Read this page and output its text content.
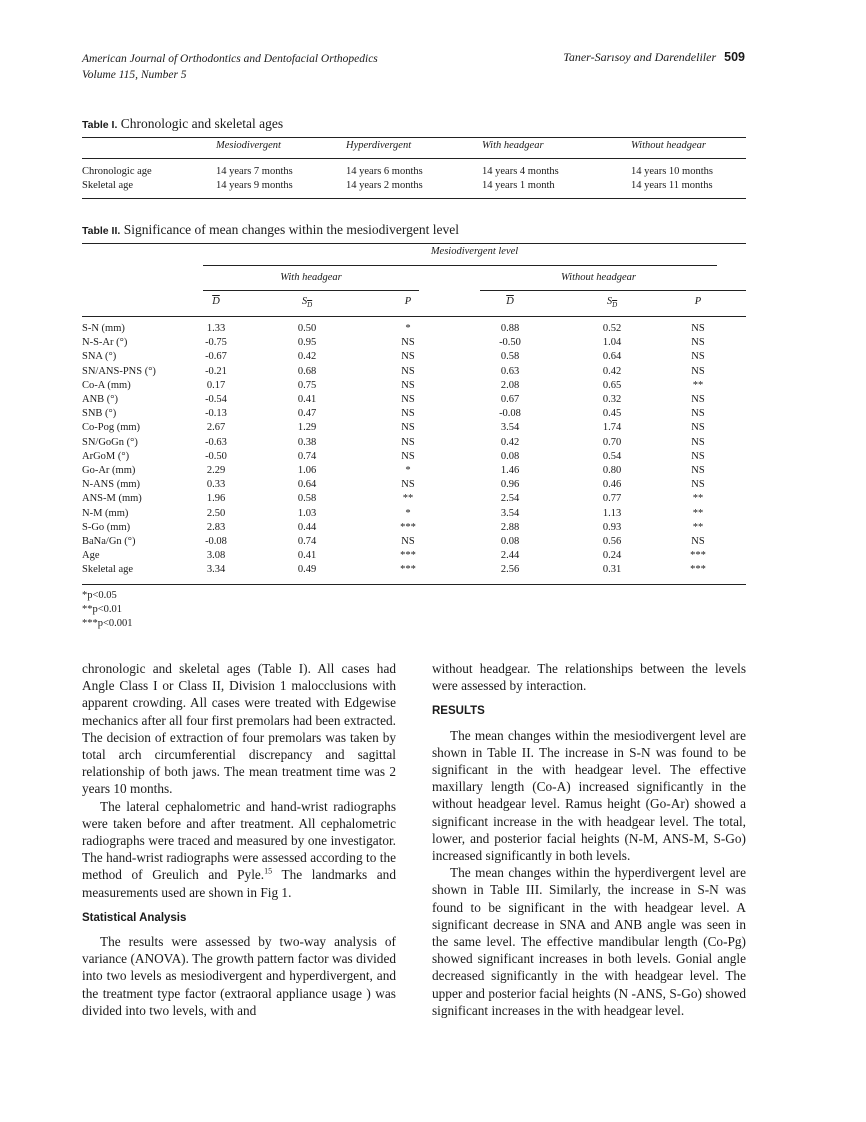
American Journal of Orthodontics and Dentofacial Orthopedics
Volume 115, Number 5
Taner-Sarısoy and Darendeliler 509
Table I. Chronologic and skeletal ages
Mesiodivergent	Hyperdivergent	With headgear	Without headgear
Chronologic age	14 years 7 months	14 years 6 months	14 years 4 months	14 years 10 months
Skeletal age	14 years 9 months	14 years 2 months	14 years 1 month	14 years 11 months
Table II. Significance of mean changes within the mesiodivergent level
Mesiodivergent level
With headgear	Without headgear
$\overline{D}$	$S_{\overline{D}}$	P	$\overline{D}$	$S_{\overline{D}}$	P
S-N (mm)	1.33	0.50	*	0.88	0.52	NS
N-S-Ar (°)	-0.75	0.95	NS	-0.50	1.04	NS
SNA (°)	-0.67	0.42	NS	0.58	0.64	NS
SN/ANS-PNS (°)	-0.21	0.68	NS	0.63	0.42	NS
Co-A (mm)	0.17	0.75	NS	2.08	0.65	**
ANB (°)	-0.54	0.41	NS	0.67	0.32	NS
SNB (°)	-0.13	0.47	NS	-0.08	0.45	NS
Co-Pog (mm)	2.67	1.29	NS	3.54	1.74	NS
SN/GoGn (°)	-0.63	0.38	NS	0.42	0.70	NS
ArGoM (°)	-0.50	0.74	NS	0.08	0.54	NS
Go-Ar (mm)	2.29	1.06	*	1.46	0.80	NS
N-ANS (mm)	0.33	0.64	NS	0.96	0.46	NS
ANS-M (mm)	1.96	0.58	**	2.54	0.77	**
N-M (mm)	2.50	1.03	*	3.54	1.13	**
S-Go (mm)	2.83	0.44	***	2.88	0.93	**
BaNa/Gn (°)	-0.08	0.74	NS	0.08	0.56	NS
Age	3.08	0.41	***	2.44	0.24	***
Skeletal age	3.34	0.49	***	2.56	0.31	***
*p<0.05
**p<0.01
***p<0.001

chronologic and skeletal ages (Table I). All cases had Angle Class I or Class II, Division 1 malocclusions with apparent crowding. All cases were treated with Edgewise mechanics after all four first premolars had been extracted. The decision of extraction of four premolars was taken by total arch circumferential discrepancy and sagittal relationship of both jaws. The mean treatment time was 2 years 10 months.

The lateral cephalometric and hand-wrist radiographs were taken before and after treatment. All cephalometric radiographs were traced and measured by one investigator. The hand-wrist radiographs were assessed according to the method of Greulich and Pyle.$^{15}$ The landmarks and measurements used are shown in Fig 1.

Statistical Analysis

The results were assessed by two-way analysis of variance (ANOVA). The growth pattern factor was divided into two levels as mesiodivergent and hyperdivergent, and the treatment type factor (extraoral appliance usage ) was divided into two levels, with and

without headgear. The relationships between the levels were assessed by interaction.

RESULTS

The mean changes within the mesiodivergent level are shown in Table II. The increase in S-N was found to be significant in the with headgear level. The effective maxillary length (Co-A) increased significantly in the without headgear level. Ramus height (Go-Ar) showed a significant increase in the with headgear level. The total, lower, and posterior facial heights (N-M, ANS-M, S-Go) increased significantly in both levels.

The mean changes within the hyperdivergent level are shown in Table III. Similarly, the increase in S-N was found to be significant in the with headgear level. A significant decrease in SNA and ANB angle was seen in the same level. The effective mandibular length (Co-Pg) showed significant increases in both levels. Gonial angle decreased significantly in the with headgear level. The upper and posterior facial heights (N -ANS, S-Go) showed significant increases in the with headgear level.
